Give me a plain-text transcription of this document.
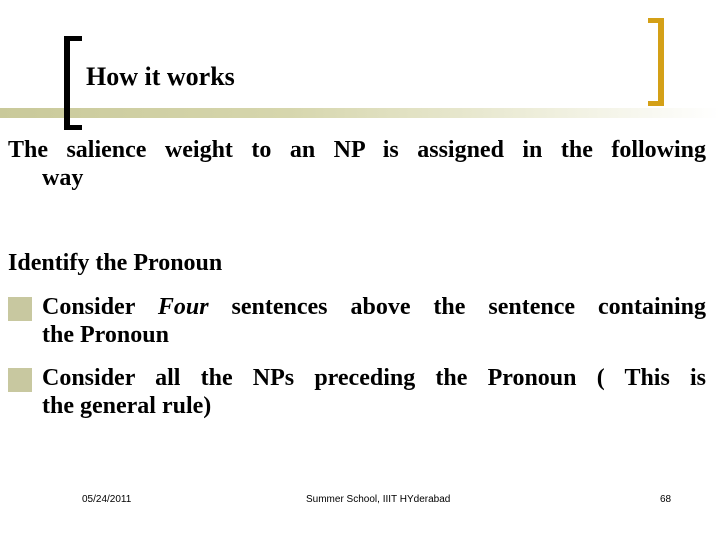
How it works
The salience weight to an NP is assigned in the following
way
Identify the Pronoun
Consider Four sentences above the sentence containing
the Pronoun
Consider all the NPs preceding the Pronoun ( This is
the general rule)
05/24/2011	Summer School, IIIT HYderabad	68
